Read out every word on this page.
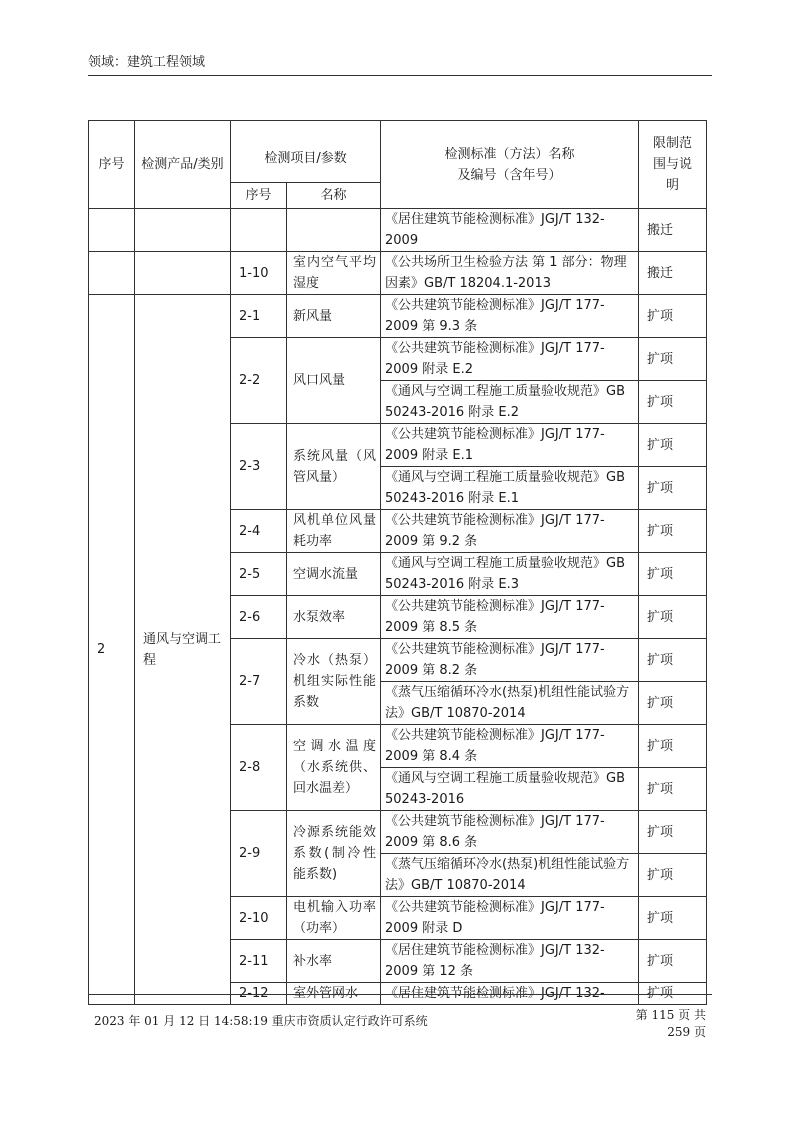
领域：建筑工程领域
序号	检测产品/类别	检测项目/参数		检测标准（方法）名称及编号（含年号）	限制范围与说明
		序号	名称		
				《居住建筑节能检测标准》JGJ/T 132-2009	搬迁
		1-10	室内空气平均湿度	《公共场所卫生检验方法 第 1 部分：物理因素》GB/T 18204.1-2013	搬迁
2	通风与空调工程	2-1	新风量	《公共建筑节能检测标准》JGJ/T 177-2009 第 9.3 条	扩项
		2-2	风口风量	《公共建筑节能检测标准》JGJ/T 177-2009 附录 E.2	扩项
				《通风与空调工程施工质量验收规范》GB 50243-2016 附录 E.2	扩项
		2-3	系统风量（风管风量）	《公共建筑节能检测标准》JGJ/T 177-2009 附录 E.1	扩项
				《通风与空调工程施工质量验收规范》GB 50243-2016 附录 E.1	扩项
		2-4	风机单位风量耗功率	《公共建筑节能检测标准》JGJ/T 177-2009 第 9.2 条	扩项
		2-5	空调水流量	《通风与空调工程施工质量验收规范》GB 50243-2016 附录 E.3	扩项
		2-6	水泵效率	《公共建筑节能检测标准》JGJ/T 177-2009 第 8.5 条	扩项
		2-7	冷水（热泵）机组实际性能系数	《公共建筑节能检测标准》JGJ/T 177-2009 第 8.2 条	扩项
				《蒸气压缩循环冷水(热泵)机组性能试验方法》GB/T 10870-2014	扩项
		2-8	空调水温度（水系统供、回水温差）	《公共建筑节能检测标准》JGJ/T 177-2009 第 8.4 条	扩项
				《通风与空调工程施工质量验收规范》GB 50243-2016	扩项
		2-9	冷源系统能效系数(制冷性能系数)	《公共建筑节能检测标准》JGJ/T 177-2009 第 8.6 条	扩项
				《蒸气压缩循环冷水(热泵)机组性能试验方法》GB/T 10870-2014	扩项
		2-10	电机输入功率（功率）	《公共建筑节能检测标准》JGJ/T 177-2009 附录 D	扩项
		2-11	补水率	《居住建筑节能检测标准》JGJ/T 132-2009 第 12 条	扩项
		2-12	室外管网水	《居住建筑节能检测标准》JGJ/T 132-	扩项
2023 年 01 月 12 日 14:58:19 重庆市资质认定行政许可系统	第 115 页 共 259 页
